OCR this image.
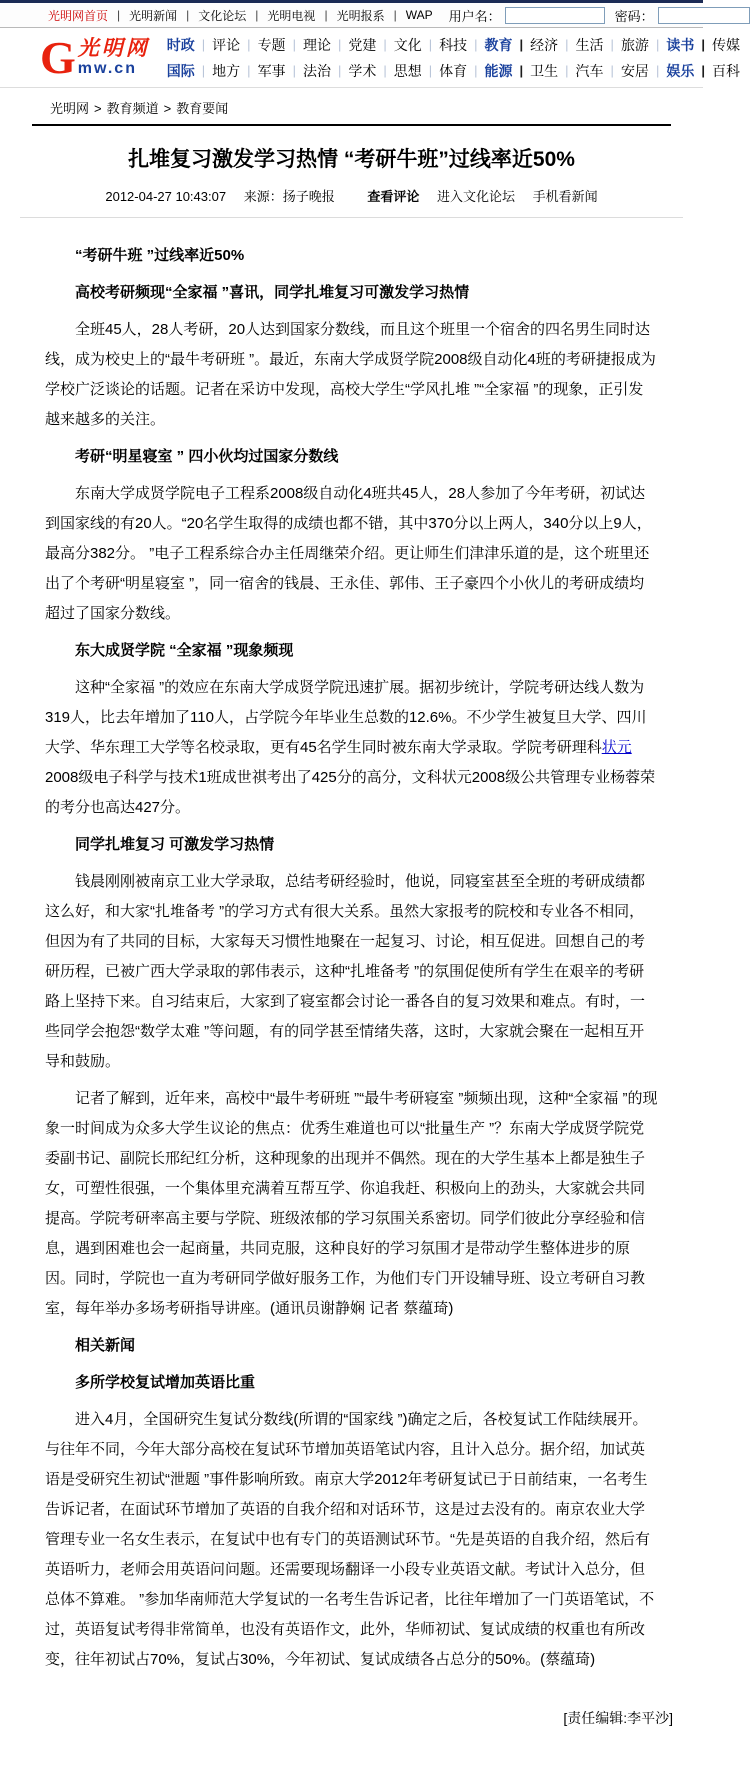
光明网首页 |	光明新闻 |	文化论坛 |	光明电视 |	光明报系 |	WAP	用户名：	密码：
G 光明网
mw.cn
时政 |	评论 |	专题 |	理论 |	党建 |	文化 |	科技 |	教育 |	经济 |	生活 |	旅游 |	读书 |	传媒
国际 |	地方 |	军事 |	法治 |	学术 |	思想 |	体育 |	能源 |	卫生 |	汽车 |	安居 |	娱乐 |	百科
光明网 > 教育频道 > 教育要闻
扎堆复习激发学习热情 “考研牛班”过线率近50%
2012-04-27 10:43:07 来源：扬子晚报	查看评论 进入文化论坛 手机看新闻
“考研牛班 ”过线率近50%
高校考研频现“全家福 ”喜讯，同学扎堆复习可激发学习热情

全班45人，28人考研，20人达到国家分数线，而且这个班里一个宿舍的四名男生同时达线，成为校史上的“最牛考研班 ”。最近，东南大学成贤学院2008级自动化4班的考研捷报成为学校广泛谈论的话题。记者在采访中发现，高校大学生“学风扎堆 ”“全家福 ”的现象，正引发越来越多的关注。

考研“明星寝室 ” 四小伙均过国家分数线

东南大学成贤学院电子工程系2008级自动化4班共45人，28人参加了今年考研，初试达到国家线的有20人。“20名学生取得的成绩也都不错，其中370分以上两人，340分以上9人，最高分382分。 ”电子工程系综合办主任周继荣介绍。更让师生们津津乐道的是，这个班里还出了个考研“明星寝室 ”，同一宿舍的钱晨、王永佳、郭伟、王子豪四个小伙儿的考研成绩均超过了国家分数线。

东大成贤学院 “全家福 ”现象频现

这种“全家福 ”的效应在东南大学成贤学院迅速扩展。据初步统计，学院考研达线人数为319人，比去年增加了110人，占学院今年毕业生总数的12.6%。不少学生被复旦大学、四川大学、华东理工大学等名校录取，更有45名学生同时被东南大学录取。学院考研理科状元2008级电子科学与技术1班成世祺考出了425分的高分，文科状元2008级公共管理专业杨蓉荣的考分也高达427分。

同学扎堆复习 可激发学习热情

钱晨刚刚被南京工业大学录取，总结考研经验时，他说，同寝室甚至全班的考研成绩都这么好，和大家“扎堆备考 ”的学习方式有很大关系。虽然大家报考的院校和专业各不相同，但因为有了共同的目标，大家每天习惯性地聚在一起复习、讨论，相互促进。回想自己的考研历程，已被广西大学录取的郭伟表示，这种“扎堆备考 ”的氛围促使所有学生在艰辛的考研路上坚持下来。自习结束后，大家到了寝室都会讨论一番各自的复习效果和难点。有时，一些同学会抱怨“数学太难 ”等问题，有的同学甚至情绪失落，这时，大家就会聚在一起相互开导和鼓励。

记者了解到，近年来，高校中“最牛考研班 ”“最牛考研寝室 ”频频出现，这种“全家福 ”的现象一时间成为众多大学生议论的焦点：优秀生难道也可以“批量生产 ”？东南大学成贤学院党委副书记、副院长邢纪红分析，这种现象的出现并不偶然。现在的大学生基本上都是独生子女，可塑性很强，一个集体里充满着互帮互学、你追我赶、积极向上的劲头，大家就会共同提高。学院考研率高主要与学院、班级浓郁的学习氛围关系密切。同学们彼此分享经验和信息，遇到困难也会一起商量，共同克服，这种良好的学习氛围才是带动学生整体进步的原因。同时，学院也一直为考研同学做好服务工作，为他们专门开设辅导班、设立考研自习教室，每年举办多场考研指导讲座。(通讯员谢静娴 记者 蔡蕴琦)

相关新闻
多所学校复试增加英语比重

进入4月，全国研究生复试分数线(所谓的“国家线 ”)确定之后，各校复试工作陆续展开。与往年不同，今年大部分高校在复试环节增加英语笔试内容，且计入总分。据介绍，加试英语是受研究生初试“泄题 ”事件影响所致。南京大学2012年考研复试已于日前结束，一名考生告诉记者，在面试环节增加了英语的自我介绍和对话环节，这是过去没有的。南京农业大学管理专业一名女生表示，在复试中也有专门的英语测试环节。“先是英语的自我介绍，然后有英语听力，老师会用英语问问题。还需要现场翻译一小段专业英语文献。考试计入总分，但总体不算难。 ”参加华南师范大学复试的一名考生告诉记者，比往年增加了一门英语笔试，不过，英语复试考得非常简单，也没有英语作文，此外，华师初试、复试成绩的权重也有所改变，往年初试占70%，复试占30%，今年初试、复试成绩各占总分的50%。(蔡蕴琦)

[责任编辑:李平沙]
